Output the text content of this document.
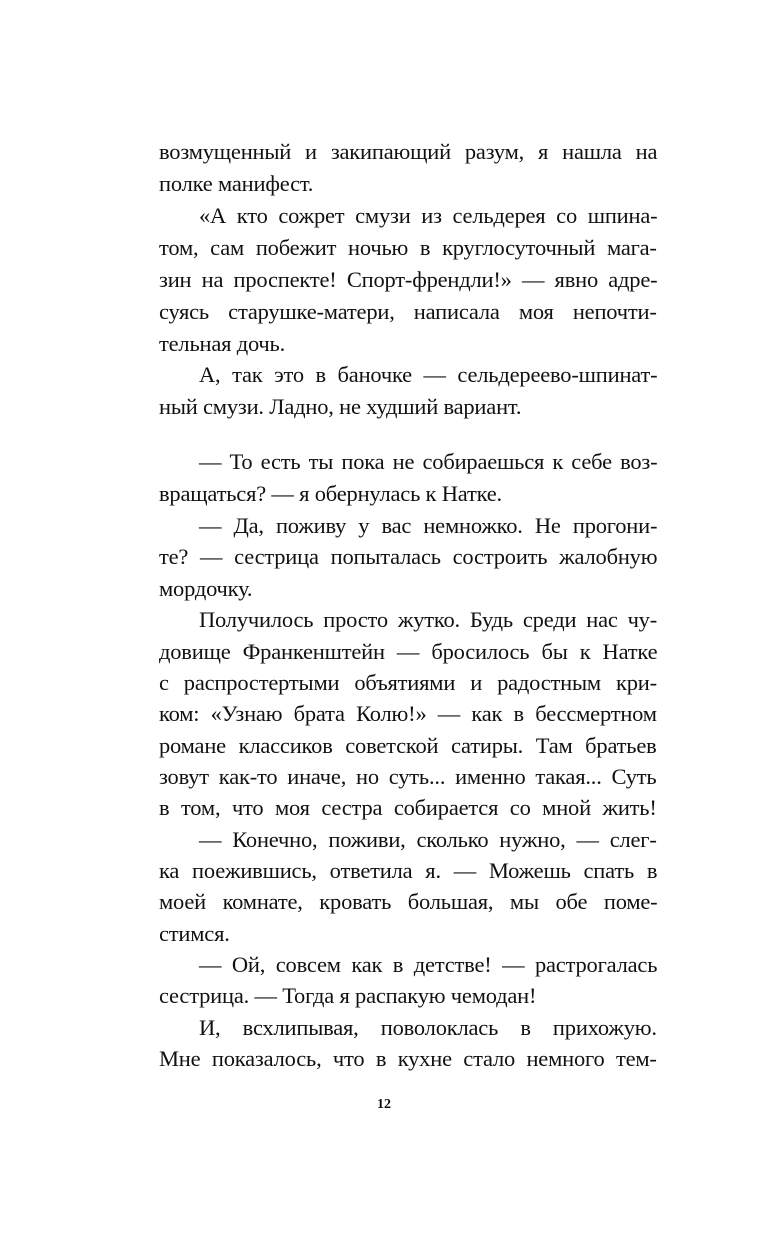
возмущенный и закипающий разум, я нашла на
полке манифест.
«А кто сожрет смузи из сельдерея со шпина-
том, сам побежит ночью в круглосуточный мага-
зин на проспекте! Спорт-френдли!» — явно адре-
суясь старушке-матери, написала моя непочти-
тельная дочь.
А, так это в баночке — сельдереево-шпинат-
ный смузи. Ладно, не худший вариант.
— То есть ты пока не собираешься к себе воз-
вращаться? — я обернулась к Натке.
— Да, поживу у вас немножко. Не прогони-
те? — сестрица попыталась состроить жалобную
мордочку.
Получилось просто жутко. Будь среди нас чу-
довище Франкенштейн — бросилось бы к Натке
с распростертыми объятиями и радостным кри-
ком: «Узнаю брата Колю!» — как в бессмертном
романе классиков советской сатиры. Там братьев
зовут как-то иначе, но суть... именно такая... Суть
в том, что моя сестра собирается со мной жить!
— Конечно, поживи, сколько нужно, — слег-
ка поежившись, ответила я. — Можешь спать в
моей комнате, кровать большая, мы обе поме-
стимся.
— Ой, совсем как в детстве! — растрогалась
сестрица. — Тогда я распакую чемодан!
И, всхлипывая, поволоклась в прихожую.
Мне показалось, что в кухне стало немного тем-
12
